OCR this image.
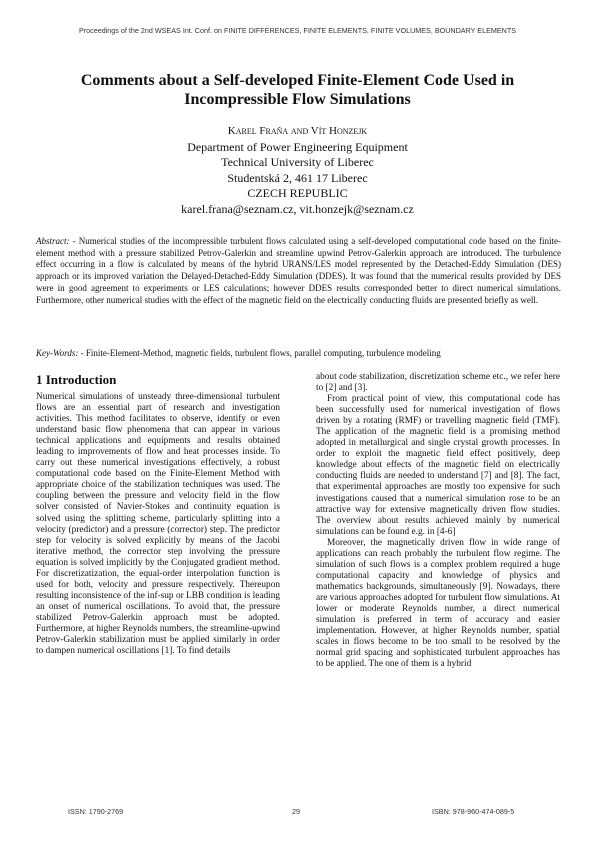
Proceedings of the 2nd WSEAS Int. Conf. on FINITE DIFFERENCES, FINITE ELEMENTS, FINITE VOLUMES, BOUNDARY ELEMENTS
Comments about a Self-developed Finite-Element Code Used in Incompressible Flow Simulations
Karel Fraňa and Vít Honzejk
Department of Power Engineering Equipment
Technical University of Liberec
Studentská 2, 461 17 Liberec
CZECH REPUBLIC
karel.frana@seznam.cz, vit.honzejk@seznam.cz

Abstract: - Numerical studies of the incompressible turbulent flows calculated using a self-developed computational code based on the finite-element method with a pressure stabilized Petrov-Galerkin and streamline upwind Petrov-Galerkin approach are introduced. The turbulence effect occurring in a flow is calculated by means of the hybrid URANS/LES model represented by the Detached-Eddy Simulation (DES) approach or its improved variation the Delayed-Detached-Eddy Simulation (DDES). It was found that the numerical results provided by DES were in good agreement to experiments or LES calculations; however DDES results corresponded better to direct numerical simulations. Furthermore, other numerical studies with the effect of the magnetic field on the electrically conducting fluids are presented briefly as well.

Key-Words: - Finite-Element-Method, magnetic fields, turbulent flows, parallel computing, turbulence modeling

1 Introduction

Numerical simulations of unsteady three-dimensional turbulent flows are an essential part of research and investigation activities. This method facilitates to observe, identify or even understand basic flow phenomena that can appear in various technical applications and equipments and results obtained leading to improvements of flow and heat processes inside. To carry out these numerical investigations effectively, a robust computational code based on the Finite-Element Method with appropriate choice of the stabilization techniques was used. The coupling between the pressure and velocity field in the flow solver consisted of Navier-Stokes and continuity equation is solved using the splitting scheme, particularly splitting into a velocity (predictor) and a pressure (corrector) step. The predictor step for velocity is solved explicitly by means of the Jacobi iterative method, the corrector step involving the pressure equation is solved implicitly by the Conjugated gradient method. For discretizatization, the equal-order interpolation function is used for both, velocity and pressure respectively. Thereupon resulting inconsistence of the inf-sup or LBB condition is leading an onset of numerical oscillations. To avoid that, the pressure stabilized Petrov-Galerkin approach must be adopted. Furthermore, at higher Reynolds numbers, the streamline-upwind Petrov-Galerkin stabilization must be applied similarly in order to dampen numerical oscillations [1]. To find details

about code stabilization, discretization scheme etc., we refer here to [2] and [3].

From practical point of view, this computational code has been successfully used for numerical investigation of flows driven by a rotating (RMF) or travelling magnetic field (TMF). The application of the magnetic field is a promising method adopted in metallurgical and single crystal growth processes. In order to exploit the magnetic field effect positively, deep knowledge about effects of the magnetic field on electrically conducting fluids are needed to understand [7] and [8]. The fact, that experimental approaches are mostly too expensive for such investigations caused that a numerical simulation rose to be an attractive way for extensive magnetically driven flow studies. The overview about results achieved mainly by numerical simulations can be found e.g. in [4-6]

Moreover, the magnetically driven flow in wide range of applications can reach probably the turbulent flow regime. The simulation of such flows is a complex problem required a huge computational capacity and knowledge of physics and mathematics backgrounds, simultaneously [9]. Nowadays, there are various approaches adopted for turbulent flow simulations. At lower or moderate Reynolds number, a direct numerical simulation is preferred in term of accuracy and easier implementation. However, at higher Reynolds number, spatial scales in flows become to be too small to be resolved by the normal grid spacing and sophisticated turbulent approaches has to be applied. The one of them is a hybrid

ISSN: 1790-2769	29	ISBN: 978-960-474-089-5
